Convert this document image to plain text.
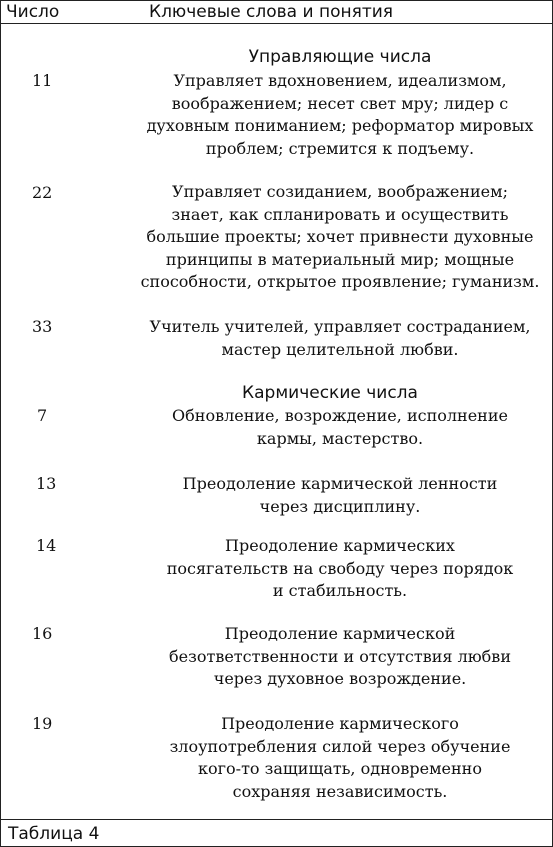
Число	Ключевые слова и понятия
Управляющие числа
11	Управляет вдохновением, идеализмом,
воображением; несет свет мру; лидер с
духовным пониманием; реформатор мировых
проблем; стремится к подъему.
22	Управляет созиданием, воображением;
знает, как спланировать и осуществить
большие проекты; хочет привнести духовные
принципы в материальный мир; мощные
способности, открытое проявление; гуманизм.
33	Учитель учителей, управляет состраданием,
мастер целительной любви.
Кармические числа
7	Обновление, возрождение, исполнение
кармы, мастерство.
13	Преодоление кармической ленности
через дисциплину.
14	Преодоление кармических
посягательств на свободу через порядок
и стабильность.
16	Преодоление кармической
безответственности и отсутствия любви
через духовное возрождение.
19	Преодоление кармического
злоупотребления силой через обучение
кого-то защищать, одновременно
сохраняя независимость.
Таблица 4
